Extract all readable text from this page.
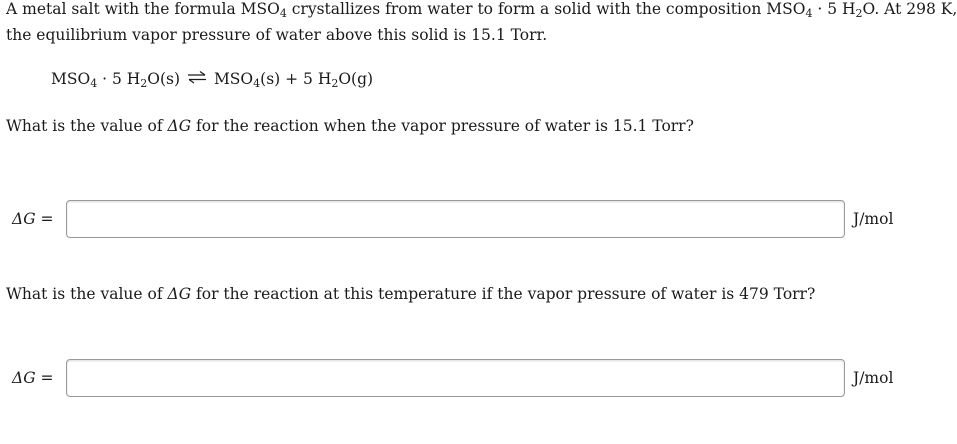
A metal salt with the formula $MSO_4$ crystallizes from water to form a solid with the composition $MSO_4 \cdot 5$ $H_2O$. At 298 K,
the equilibrium vapor pressure of water above this solid is 15.1 Torr.
$MSO_4 \cdot 5$ $H_2O(s)$ ⇌ $MSO_4(s) + 5$ $H_2O(g)$
What is the value of ΔG for the reaction when the vapor pressure of water is 15.1 Torr?
ΔG =	J/mol
What is the value of ΔG for the reaction at this temperature if the vapor pressure of water is 479 Torr?
ΔG =	J/mol
